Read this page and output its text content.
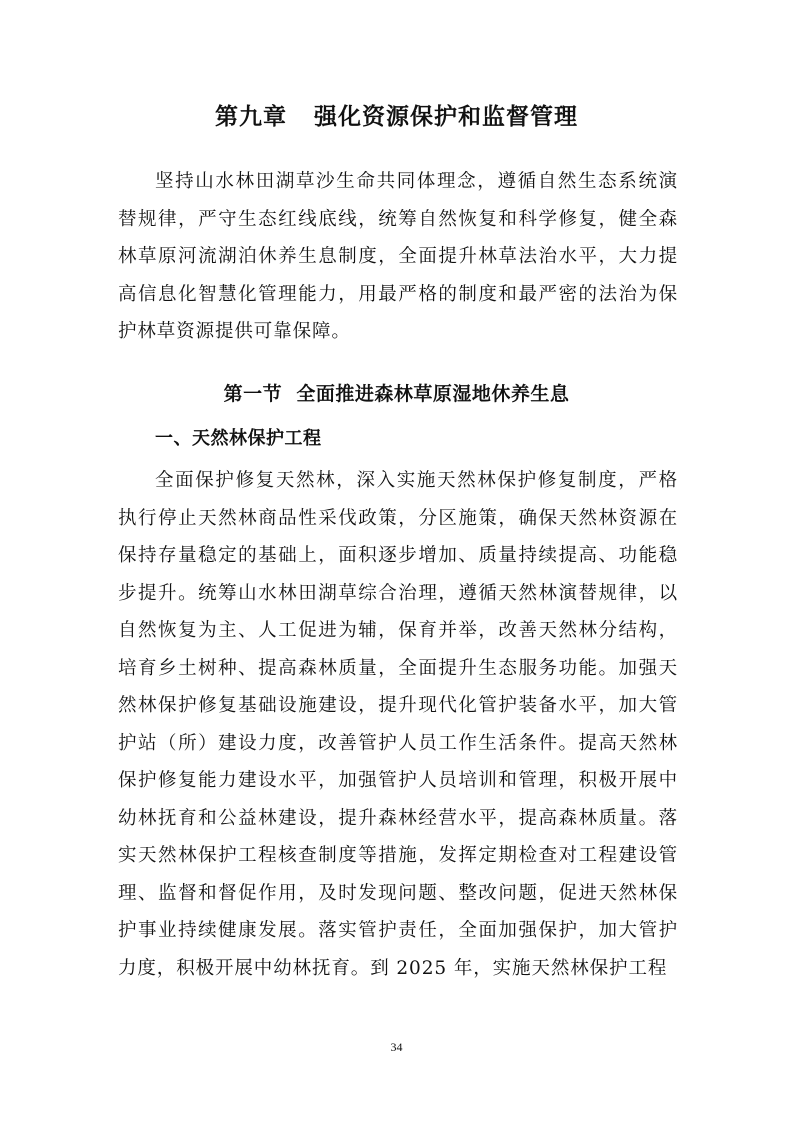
第九章   强化资源保护和监督管理

坚持山水林田湖草沙生命共同体理念，遵循自然生态系统演替规律，严守生态红线底线，统筹自然恢复和科学修复，健全森林草原河流湖泊休养生息制度，全面提升林草法治水平，大力提高信息化智慧化管理能力，用最严格的制度和最严密的法治为保护林草资源提供可靠保障。

第一节  全面推进森林草原湿地休养生息
一、天然林保护工程

全面保护修复天然林，深入实施天然林保护修复制度，严格执行停止天然林商品性采伐政策，分区施策，确保天然林资源在保持存量稳定的基础上，面积逐步增加、质量持续提高、功能稳步提升。统筹山水林田湖草综合治理，遵循天然林演替规律，以自然恢复为主、人工促进为辅，保育并举，改善天然林分结构，培育乡土树种、提高森林质量，全面提升生态服务功能。加强天然林保护修复基础设施建设，提升现代化管护装备水平，加大管护站（所）建设力度，改善管护人员工作生活条件。提高天然林保护修复能力建设水平，加强管护人员培训和管理，积极开展中幼林抚育和公益林建设，提升森林经营水平，提高森林质量。落实天然林保护工程核查制度等措施，发挥定期检查对工程建设管理、监督和督促作用，及时发现问题、整改问题，促进天然林保护事业持续健康发展。落实管护责任，全面加强保护，加大管护力度，积极开展中幼林抚育。到 2025 年，实施天然林保护工程

34
